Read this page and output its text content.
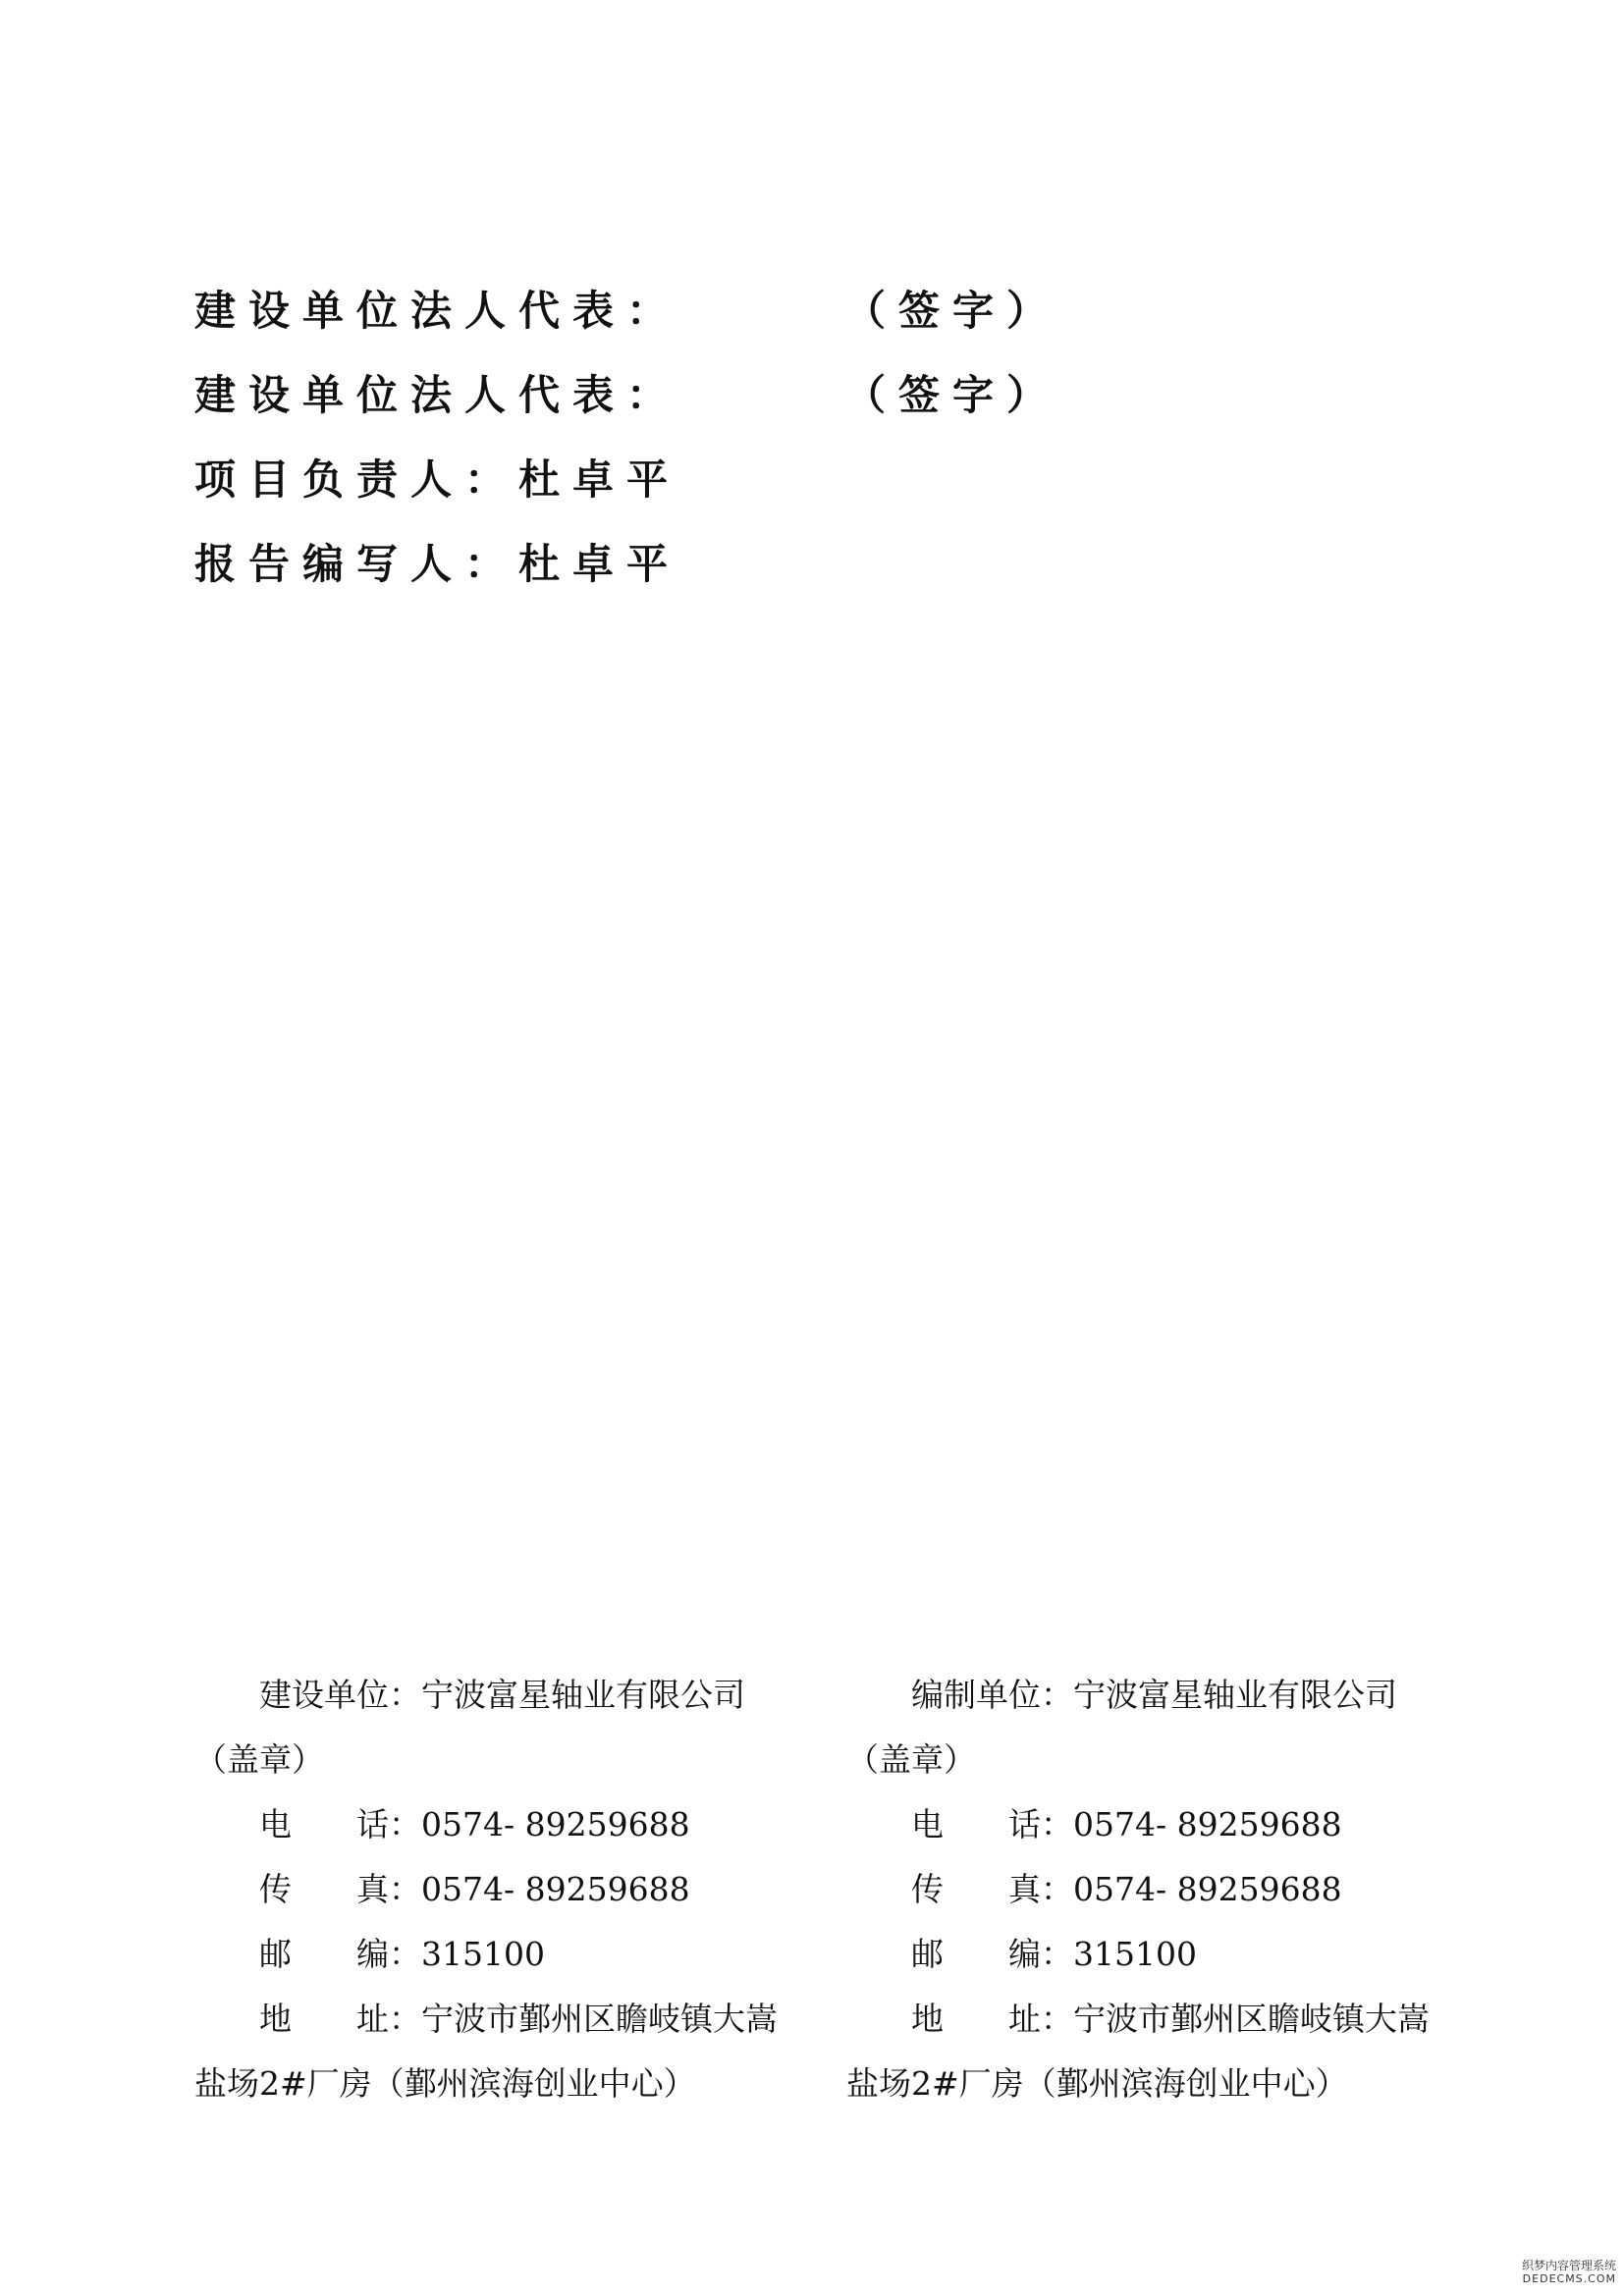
建设单位法人代表：	（签字）
建设单位法人代表：	（签字）
项目负责人：杜卓平
报告编写人：杜卓平
建设单位：宁波富星轴业有限公司
（盖章）
电　　话：0574- 89259688
传　　真：0574- 89259688
邮　　编：315100
地　　址：宁波市鄞州区瞻岐镇大嵩
盐场2#厂房（鄞州滨海创业中心）
编制单位：宁波富星轴业有限公司
（盖章）
电　　话：0574- 89259688
传　　真：0574- 89259688
邮　　编：315100
地　　址：宁波市鄞州区瞻岐镇大嵩
盐场2#厂房（鄞州滨海创业中心）
织梦内容管理系统
DEDECMS.COM
